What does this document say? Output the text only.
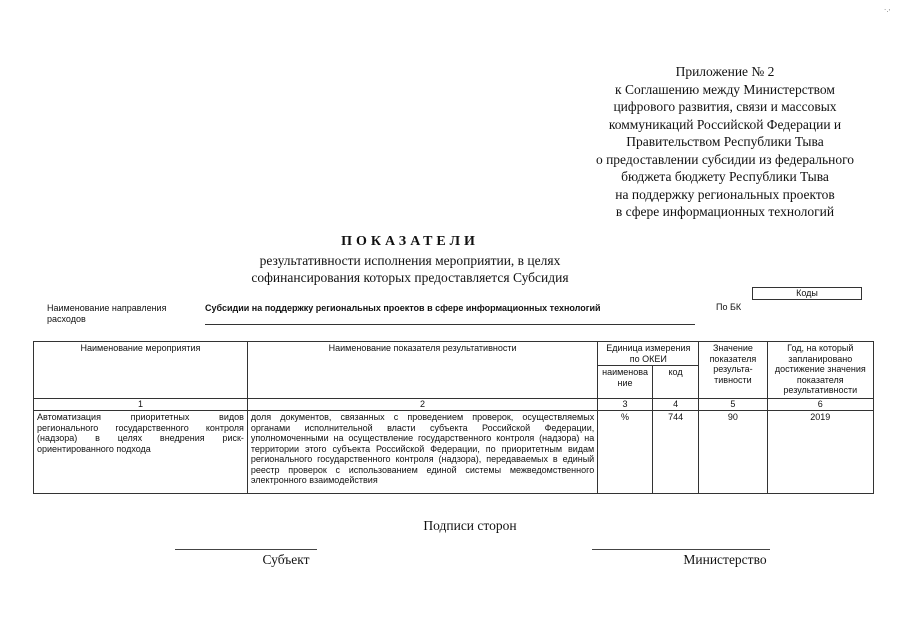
`·'
Приложение № 2
к Соглашению между Министерством
цифрового развития, связи и массовых
коммуникаций Российской Федерации и
Правительством Республики Тыва
о предоставлении субсидии из федерального
бюджета бюджету Республики Тыва
на поддержку региональных проектов
в сфере информационных технологий
ПОКАЗАТЕЛИ
результативности исполнения мероприятии, в целях
софинансирования которых предоставляется Субсидия
Наименование направления расходов
Субсидии на поддержку региональных проектов в сфере информационных технологий	По БК
Коды
Наименование мероприятия	Наименование показателя результативности	Единица измерения по ОКЕИ		Значение показателя результа- тивности	Год, на который запланировано достижение значения показателя результативности
		наименова ние	код		
1	2	3	4	5	6
Автоматизация приоритетных видов регионального государственного контроля (надзора) в целях внедрения риск-ориентированного подхода	доля документов, связанных с проведением проверок, осуществляемых органами исполнительной власти субъекта Российской Федерации, уполномоченными на осуществление государственного контроля (надзора) на территории этого субъекта Российской Федерации, по приоритетным видам регионального государственного контроля (надзора), передаваемых в единый реестр проверок с использованием единой системы межведомственного электронного взаимодействия	%	744	90	2019
Подписи сторон
Субъект	Министерство
